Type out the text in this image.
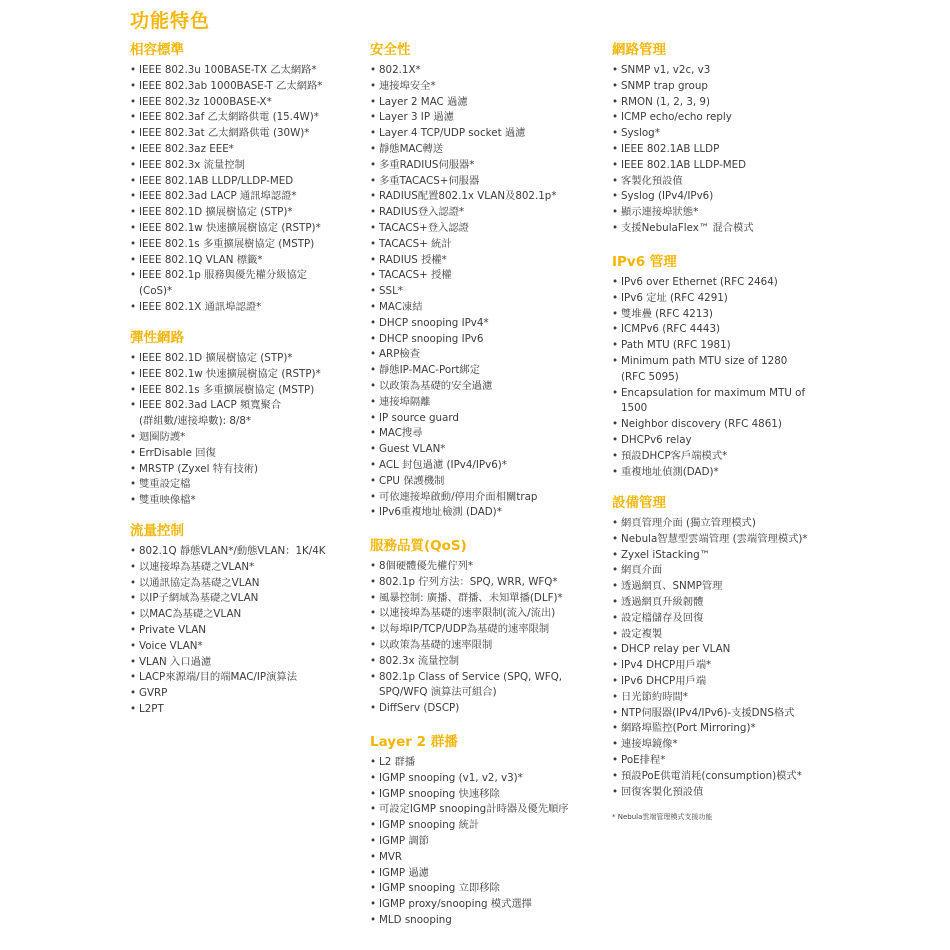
功能特色
相容標準
• IEEE 802.3u 100BASE-TX 乙太網路*
• IEEE 802.3ab 1000BASE-T 乙太網路*
• IEEE 802.3z 1000BASE-X*
• IEEE 802.3af 乙太網路供電 (15.4W)*
• IEEE 802.3at 乙太網路供電 (30W)*
• IEEE 802.3az EEE*
• IEEE 802.3x 流量控制
• IEEE 802.1AB LLDP/LLDP-MED
• IEEE 802.3ad LACP 通訊埠認證*
• IEEE 802.1D 擴展樹協定 (STP)*
• IEEE 802.1w 快速擴展樹協定 (RSTP)*
• IEEE 802.1s 多重擴展樹協定 (MSTP)
• IEEE 802.1Q VLAN 標籤*
• IEEE 802.1p 服務與優先權分級協定
(CoS)*
• IEEE 802.1X 通訊埠認證*
彈性網路
• IEEE 802.1D 擴展樹協定 (STP)*
• IEEE 802.1w 快速擴展樹協定 (RSTP)*
• IEEE 802.1s 多重擴展樹協定 (MSTP)
• IEEE 802.3ad LACP 頻寬聚合
(群組數/連接埠數): 8/8*
• 迴圈防護*
• ErrDisable 回復
• MRSTP (Zyxel 特有技術)
• 雙重設定檔
• 雙重映像檔*
流量控制
• 802.1Q 靜態VLAN*/動態VLAN：1K/4K
• 以連接埠為基礎之VLAN*
• 以通訊協定為基礎之VLAN
• 以IP子網域為基礎之VLAN
• 以MAC為基礎之VLAN
• Private VLAN
• Voice VLAN*
• VLAN 入口過濾
• LACP來源端/目的端MAC/IP演算法
• GVRP
• L2PT
安全性
• 802.1X*
• 連接埠安全*
• Layer 2 MAC 過濾
• Layer 3 IP 過濾
• Layer 4 TCP/UDP socket 過濾
• 靜態MAC轉送
• 多重RADIUS伺服器*
• 多重TACACS+伺服器
• RADIUS配置802.1x VLAN及802.1p*
• RADIUS登入認證*
• TACACS+登入認證
• TACACS+ 統計
• RADIUS 授權*
• TACACS+ 授權
• SSL*
• MAC凍結
• DHCP snooping IPv4*
• DHCP snooping IPv6
• ARP檢查
• 靜態IP-MAC-Port綁定
• 以政策為基礎的安全過濾
• 連接埠隔離
• IP source guard
• MAC搜尋
• Guest VLAN*
• ACL 封包過濾 (IPv4/IPv6)*
• CPU 保護機制
• 可依連接埠啟動/停用介面相關trap
• IPv6重複地址檢測 (DAD)*
服務品質(QoS)
• 8個硬體優先權佇列*
• 802.1p 佇列方法：SPQ, WRR, WFQ*
• 風暴控制: 廣播、群播、未知單播(DLF)*
• 以連接埠為基礎的速率限制(流入/流出)
• 以每埠IP/TCP/UDP為基礎的速率限制
• 以政策為基礎的速率限制
• 802.3x 流量控制
• 802.1p Class of Service (SPQ, WFQ,
SPQ/WFQ 演算法可組合)
• DiffServ (DSCP)
Layer 2 群播
• L2 群播
• IGMP snooping (v1, v2, v3)*
• IGMP snooping 快速移除
• 可設定IGMP snooping計時器及優先順序
• IGMP snooping 統計
• IGMP 調節
• MVR
• IGMP 過濾
• IGMP snooping 立即移除
• IGMP proxy/snooping 模式選擇
• MLD snooping
網路管理
• SNMP v1, v2c, v3
• SNMP trap group
• RMON (1, 2, 3, 9)
• ICMP echo/echo reply
• Syslog*
• IEEE 802.1AB LLDP
• IEEE 802.1AB LLDP-MED
• 客製化預設值
• Syslog (IPv4/IPv6)
• 顯示連接埠狀態*
• 支援NebulaFlex™ 混合模式
IPv6 管理
• IPv6 over Ethernet (RFC 2464)
• IPv6 定址 (RFC 4291)
• 雙堆疊 (RFC 4213)
• ICMPv6 (RFC 4443)
• Path MTU (RFC 1981)
• Minimum path MTU size of 1280
(RFC 5095)
• Encapsulation for maximum MTU of
1500
• Neighbor discovery (RFC 4861)
• DHCPv6 relay
• 預設DHCP客戶端模式*
• 重複地址偵測(DAD)*
設備管理
• 網頁管理介面 (獨立管理模式)
• Nebula智慧型雲端管理 (雲端管理模式)*
• Zyxel iStacking™
• 網頁介面
• 透過網頁、SNMP管理
• 透過網頁升級韌體
• 設定檔儲存及回復
• 設定複製
• DHCP relay per VLAN
• IPv4 DHCP用戶端*
• IPv6 DHCP用戶端
• 日光節約時間*
• NTP伺服器(IPv4/IPv6)-支援DNS格式
• 網路埠監控(Port Mirroring)*
• 連接埠鏡像*
• PoE排程*
• 預設PoE供電消耗(consumption)模式*
• 回復客製化預設值
* Nebula雲端管理模式支援功能
